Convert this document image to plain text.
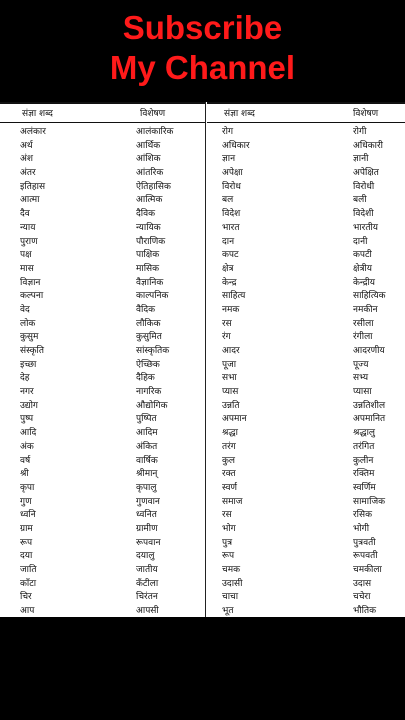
Subscribe
My Channel
संज्ञा शब्द	विशेषण
अलंकार	आलंकारिक
अर्थ	आर्थिक
अंश	आंशिक
अंतर	आंतरिक
इतिहास	ऐतिहासिक
आत्मा	आत्मिक
दैव	दैविक
न्याय	न्यायिक
पुराण	पौराणिक
पक्ष	पाक्षिक
मास	मासिक
विज्ञान	वैज्ञानिक
कल्पना	काल्पनिक
वेद	वैदिक
लोक	लौकिक
कुसुम	कुसुमित
संस्कृति	सांस्कृतिक
इच्छा	ऐच्छिक
देह	दैहिक
नगर	नागरिक
उद्योग	औद्योगिक
पुष्प	पुष्पित
आदि	आदिम
अंक	अंकित
वर्ष	वार्षिक
श्री	श्रीमान्
कृपा	कृपालु
गुण	गुणवान
ध्वनि	ध्वनित
ग्राम	ग्रामीण
रूप	रूपवान
दया	दयालु
जाति	जातीय
काँटा	कँटीला
चिर	चिरंतन
आप	आपसी
संज्ञा शब्द	विशेषण
रोग	रोगी
अधिकार	अधिकारी
ज्ञान	ज्ञानी
अपेक्षा	अपेक्षित
विरोध	विरोधी
बल	बली
विदेश	विदेशी
भारत	भारतीय
दान	दानी
कपट	कपटी
क्षेत्र	क्षेत्रीय
केन्द्र	केन्द्रीय
साहित्य	साहित्यिक
नमक	नमकीन
रस	रसीला
रंग	रंगीला
आदर	आदरणीय
पूजा	पूज्य
सभा	सभ्य
प्यास	प्यासा
उन्नति	उन्नतिशील
अपमान	अपमानित
श्रद्धा	श्रद्धालु
तरंग	तरंगित
कुल	कुलीन
रक्त	रक्तिम
स्वर्ण	स्वर्णिम
समाज	सामाजिक
रस	रसिक
भोग	भोगी
पुत्र	पुत्रवती
रूप	रूपवती
चमक	चमकीला
उदासी	उदास
चाचा	चचेरा
भूत	भौतिक
